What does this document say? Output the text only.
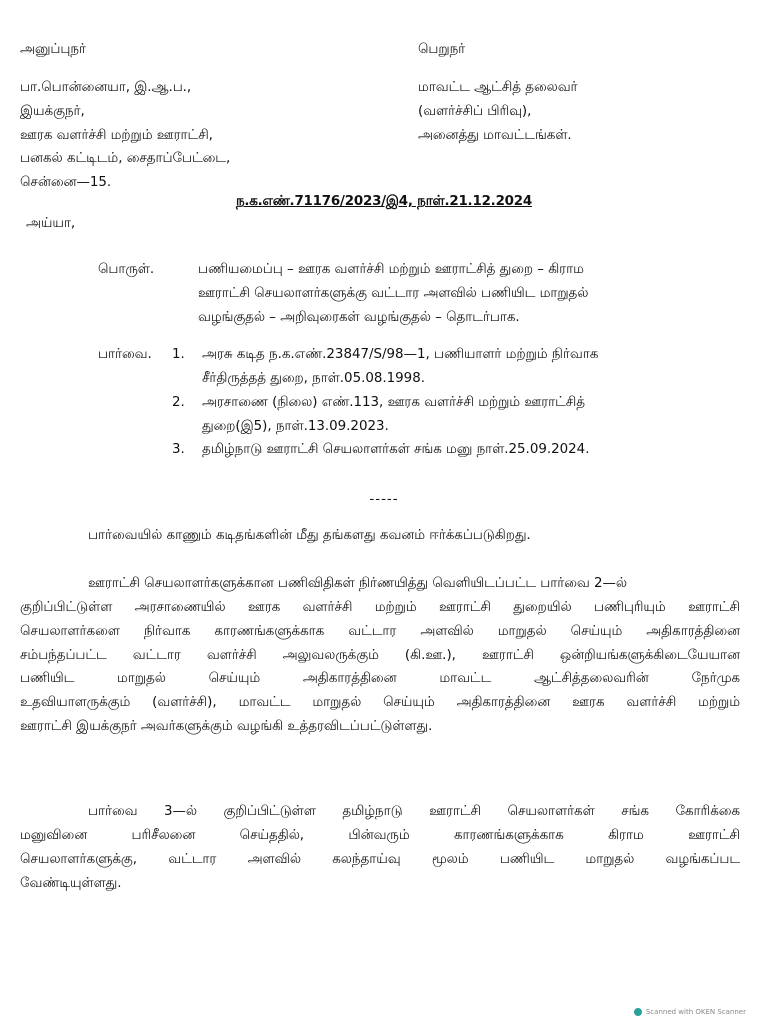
அனுப்புநர்
பா.பொன்னையா, இ.ஆ.ப.,
இயக்குநர்,
ஊரக வளர்ச்சி மற்றும் ஊராட்சி,
பனகல் கட்டிடம், சைதாப்பேட்டை,
சென்னை—15.
பெறுநர்
மாவட்ட ஆட்சித் தலைவர்
(வளர்ச்சிப் பிரிவு),
அனைத்து மாவட்டங்கள்.
ந.க.எண்.71176/2023/இ4, நாள்.21.12.2024
அய்யா,
பொருள்.	பணியமைப்பு – ஊரக வளர்ச்சி மற்றும் ஊராட்சித் துறை – கிராம
ஊராட்சி செயலாளர்களுக்கு வட்டார அளவில் பணியிட மாறுதல்
வழங்குதல் – அறிவுரைகள் வழங்குதல் – தொடர்பாக.
பார்வை.	1.	அரசு கடித ந.க.எண்.23847/S/98—1, பணியாளர் மற்றும் நிர்வாக
சீர்திருத்தத் துறை, நாள்.05.08.1998.
2.	அரசாணை (நிலை) எண்.113, ஊரக வளர்ச்சி மற்றும் ஊராட்சித்
துறை(இ5), நாள்.13.09.2023.
3.	தமிழ்நாடு ஊராட்சி செயலாளர்கள் சங்க மனு நாள்.25.09.2024.
-----
பார்வையில் காணும் கடிதங்களின் மீது தங்களது கவனம் ஈர்க்கப்படுகிறது.
ஊராட்சி செயலாளர்களுக்கான பணிவிதிகள் நிர்ணயித்து வெளியிடப்பட்ட பார்வை 2—ல்
குறிப்பிட்டுள்ள அரசாணையில் ஊரக வளர்ச்சி மற்றும் ஊராட்சி துறையில் பணிபுரியும் ஊராட்சி
செயலாளர்களை நிர்வாக காரணங்களுக்காக வட்டார அளவில் மாறுதல் செய்யும் அதிகாரத்தினை
சம்பந்தப்பட்ட வட்டார வளர்ச்சி அலுவலருக்கும் (கி.ஊ.), ஊராட்சி ஒன்றியங்களுக்கிடையேயான
பணியிட மாறுதல் செய்யும் அதிகாரத்தினை மாவட்ட ஆட்சித்தலைவரின் நேர்முக
உதவியாளருக்கும் (வளர்ச்சி), மாவட்ட மாறுதல் செய்யும் அதிகாரத்தினை ஊரக வளர்ச்சி மற்றும்
ஊராட்சி இயக்குநர் அவர்களுக்கும் வழங்கி உத்தரவிடப்பட்டுள்ளது.
பார்வை 3—ல் குறிப்பிட்டுள்ள தமிழ்நாடு ஊராட்சி செயலாளர்கள் சங்க கோரிக்கை
மனுவினை பரிசீலனை செய்ததில், பின்வரும் காரணங்களுக்காக கிராம ஊராட்சி
செயலாளர்களுக்கு, வட்டார அளவில் கலந்தாய்வு மூலம் பணியிட மாறுதல் வழங்கப்பட
வேண்டியுள்ளது.
Scanned with OKEN Scanner
